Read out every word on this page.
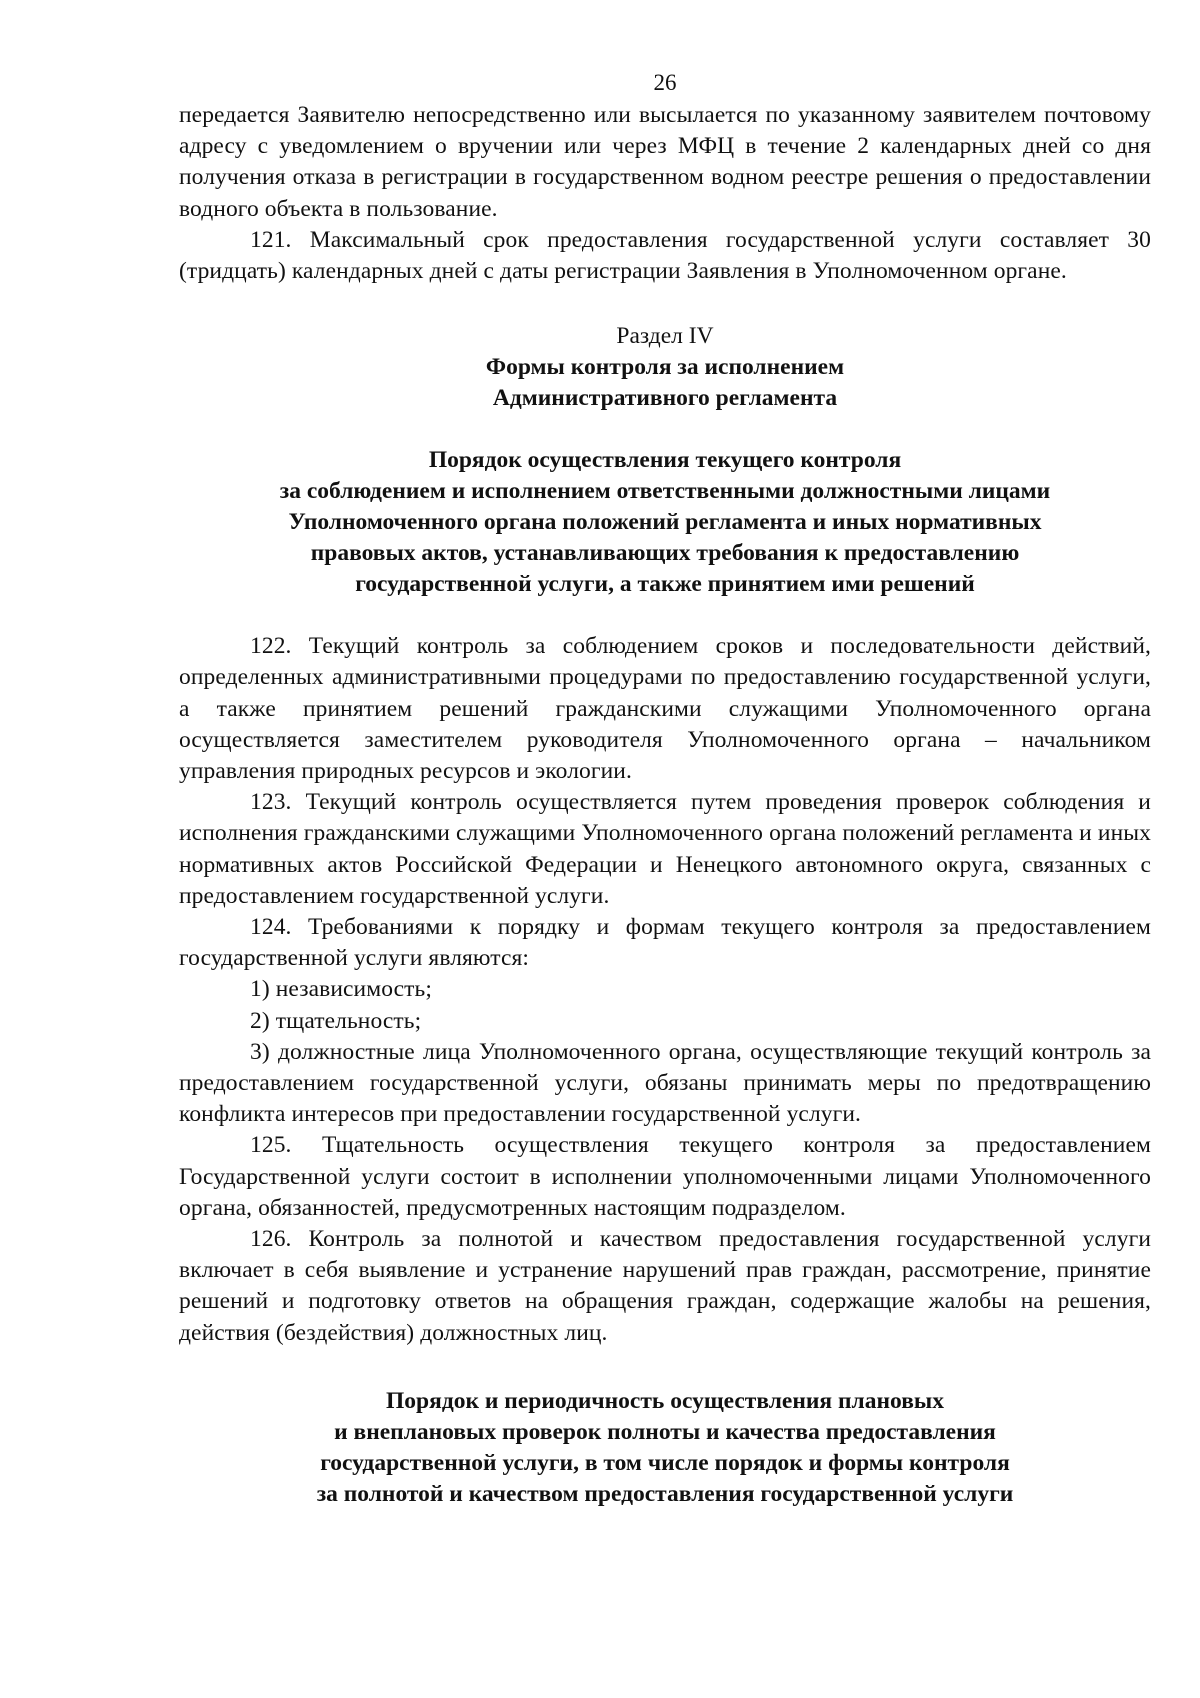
26

передается Заявителю непосредственно или высылается по указанному заявителем почтовому адресу с уведомлением о вручении или через МФЦ в течение 2 календарных дней со дня получения отказа в регистрации в государственном водном реестре решения о предоставлении водного объекта в пользование.

121. Максимальный срок предоставления государственной услуги составляет 30 (тридцать) календарных дней с даты регистрации Заявления в Уполномоченном органе.

Раздел IV
Формы контроля за исполнением
Административного регламента
Порядок осуществления текущего контроля
за соблюдением и исполнением ответственными должностными лицами
Уполномоченного органа положений регламента и иных нормативных
правовых актов, устанавливающих требования к предоставлению
государственной услуги, а также принятием ими решений

122. Текущий контроль за соблюдением сроков и последовательности действий, определенных административными процедурами по предоставлению государственной услуги, а также принятием решений гражданскими служащими Уполномоченного органа осуществляется заместителем руководителя Уполномоченного органа – начальником управления природных ресурсов и экологии.

123. Текущий контроль осуществляется путем проведения проверок соблюдения и исполнения гражданскими служащими Уполномоченного органа положений регламента и иных нормативных актов Российской Федерации и Ненецкого автономного округа, связанных с предоставлением государственной услуги.

124. Требованиями к порядку и формам текущего контроля за предоставлением государственной услуги являются:

1) независимость;

2) тщательность;

3) должностные лица Уполномоченного органа, осуществляющие текущий контроль за предоставлением государственной услуги, обязаны принимать меры по предотвращению конфликта интересов при предоставлении государственной услуги.

125. Тщательность осуществления текущего контроля за предоставлением Государственной услуги состоит в исполнении уполномоченными лицами Уполномоченного органа, обязанностей, предусмотренных настоящим подразделом.

126. Контроль за полнотой и качеством предоставления государственной услуги включает в себя выявление и устранение нарушений прав граждан, рассмотрение, принятие решений и подготовку ответов на обращения граждан, содержащие жалобы на решения, действия (бездействия) должностных лиц.

Порядок и периодичность осуществления плановых
и внеплановых проверок полноты и качества предоставления
государственной услуги, в том числе порядок и формы контроля
за полнотой и качеством предоставления государственной услуги
